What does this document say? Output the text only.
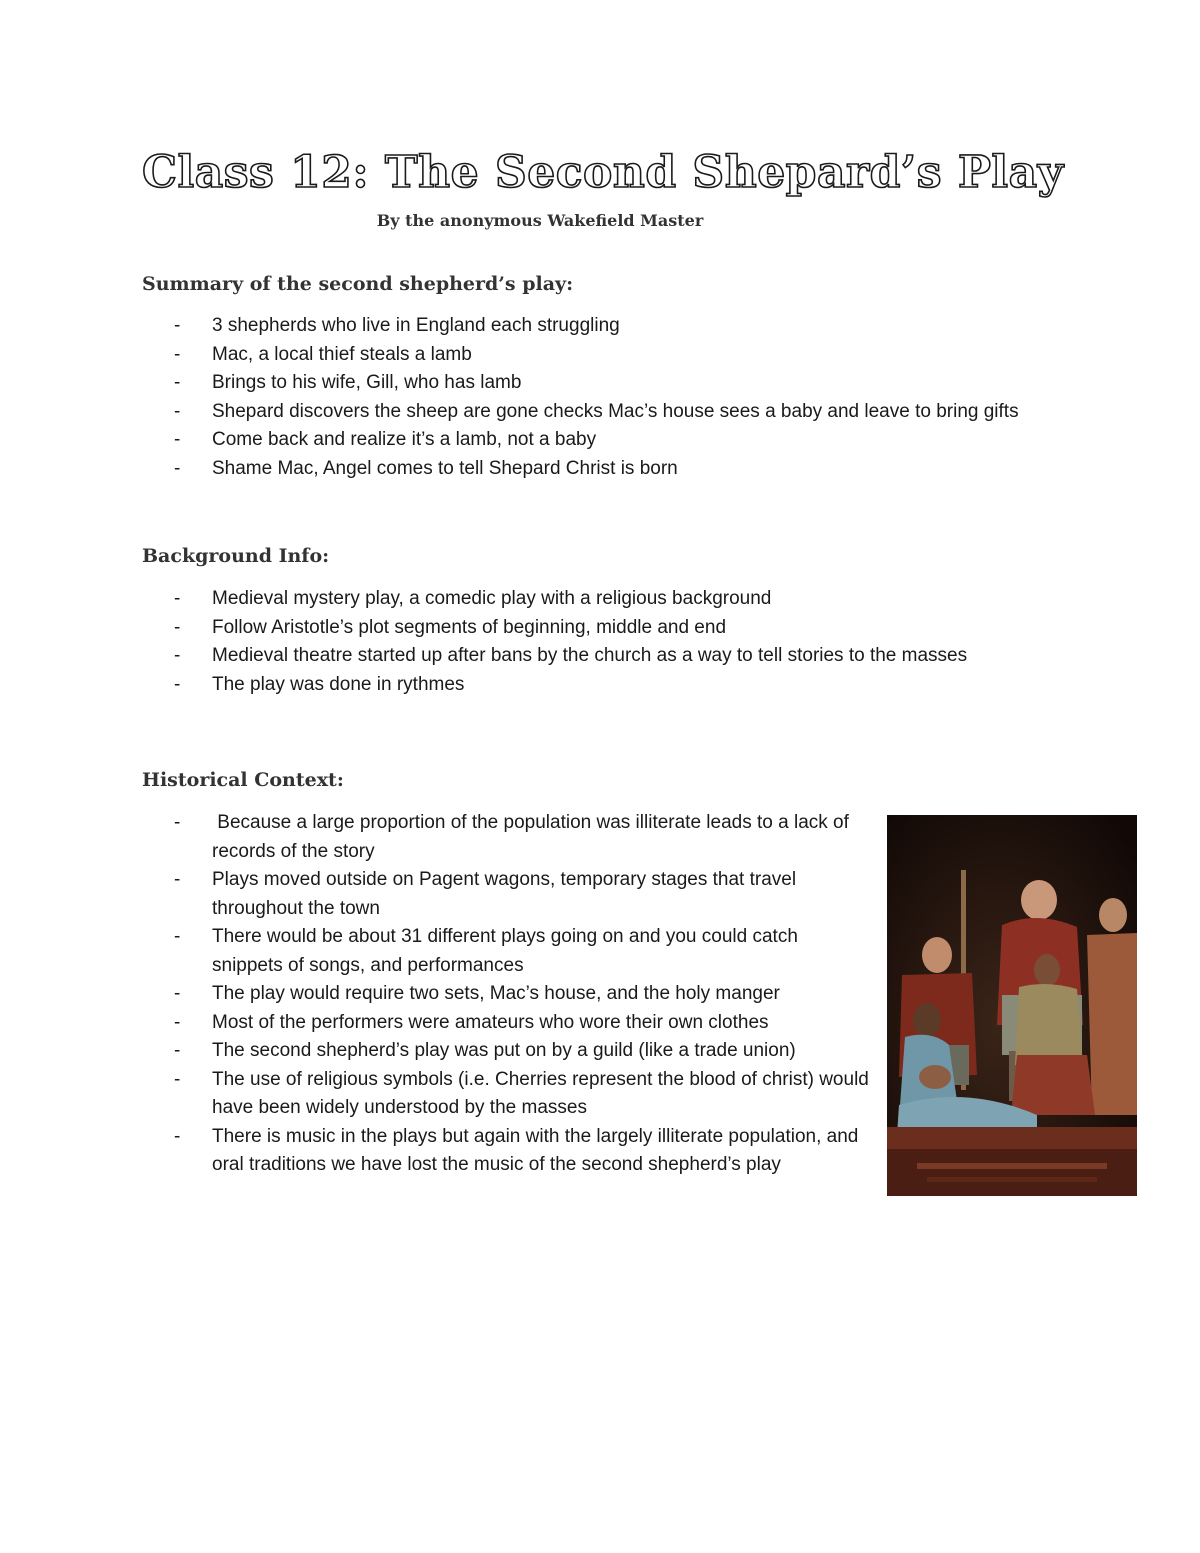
Class 12: The Second Shepard’s Play
By the anonymous Wakefield Master
Summary of the second shepherd’s play:
- 3 shepherds who live in England each struggling
- Mac, a local thief steals a lamb
- Brings to his wife, Gill, who has lamb
- Shepard discovers the sheep are gone checks Mac’s house sees a baby and leave to bring gifts
- Come back and realize it’s a lamb, not a baby
- Shame Mac, Angel comes to tell Shepard Christ is born
Background Info:
- Medieval mystery play, a comedic play with a religious background
- Follow Aristotle’s plot segments of beginning, middle and end
- Medieval theatre started up after bans by the church as a way to tell stories to the masses
- The play was done in rythmes
Historical Context:
- Because a large proportion of the population was illiterate leads to a lack of records of the story
- Plays moved outside on Pagent wagons, temporary stages that travel throughout the town
- There would be about 31 different plays going on and you could catch snippets of songs, and performances
- The play would require two sets, Mac’s house, and the holy manger
- Most of the performers were amateurs who wore their own clothes
- The second shepherd’s play was put on by a guild (like a trade union)
- The use of religious symbols (i.e. Cherries represent the blood of christ) would have been widely understood by the masses
- There is music in the plays but again with the largely illiterate population, and oral traditions we have lost the music of the second shepherd’s play
